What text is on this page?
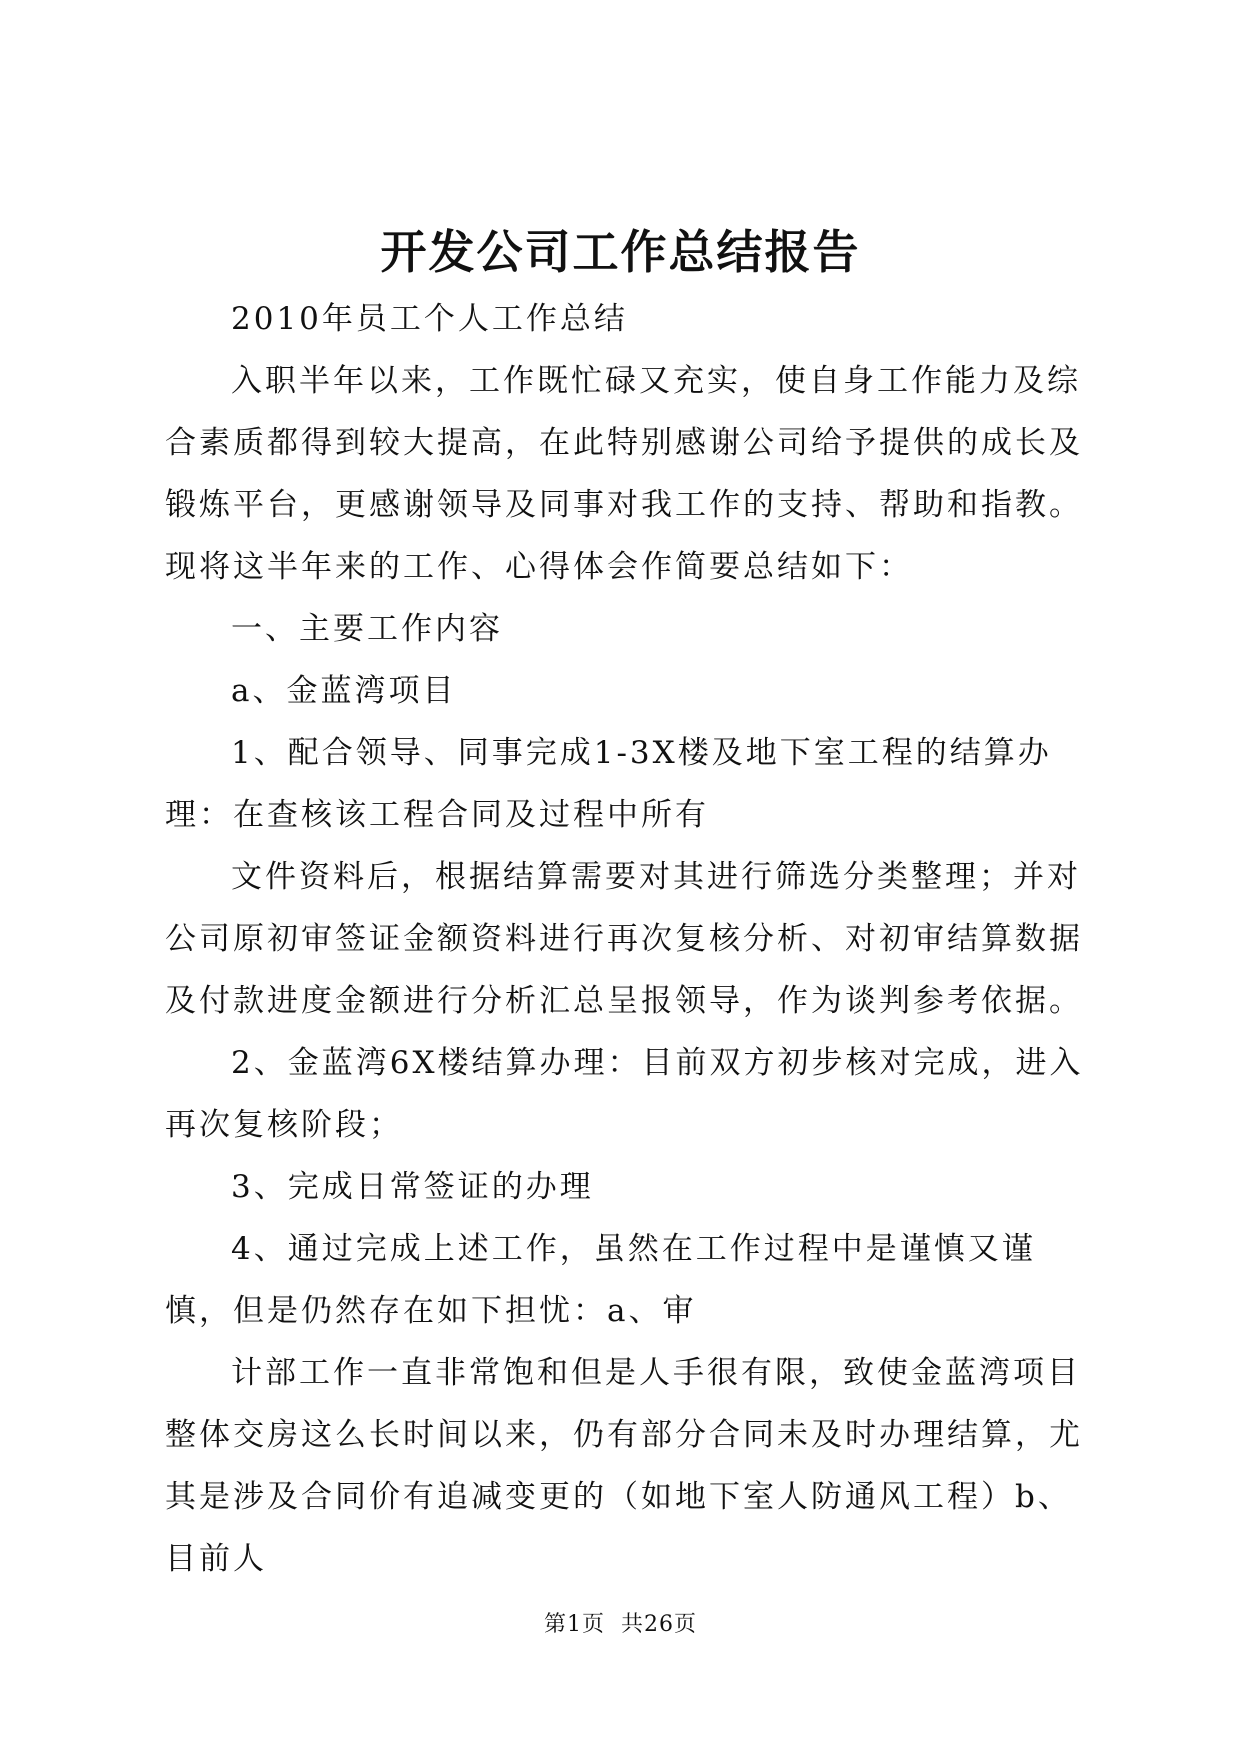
开发公司工作总结报告

2010年员工个人工作总结

入职半年以来，工作既忙碌又充实，使自身工作能力及综合素质都得到较大提高，在此特别感谢公司给予提供的成长及锻炼平台，更感谢领导及同事对我工作的支持、帮助和指教。现将这半年来的工作、心得体会作简要总结如下：

一、主要工作内容

a、金蓝湾项目

1、配合领导、同事完成1-3X楼及地下室工程的结算办理：在查核该工程合同及过程中所有

文件资料后，根据结算需要对其进行筛选分类整理；并对公司原初审签证金额资料进行再次复核分析、对初审结算数据及付款进度金额进行分析汇总呈报领导，作为谈判参考依据。

2、金蓝湾6X楼结算办理：目前双方初步核对完成，进入再次复核阶段；

3、完成日常签证的办理

4、通过完成上述工作，虽然在工作过程中是谨慎又谨慎，但是仍然存在如下担忧：a、审

计部工作一直非常饱和但是人手很有限，致使金蓝湾项目整体交房这么长时间以来，仍有部分合同未及时办理结算，尤其是涉及合同价有追减变更的（如地下室人防通风工程）b、目前人

第1页 共26页
